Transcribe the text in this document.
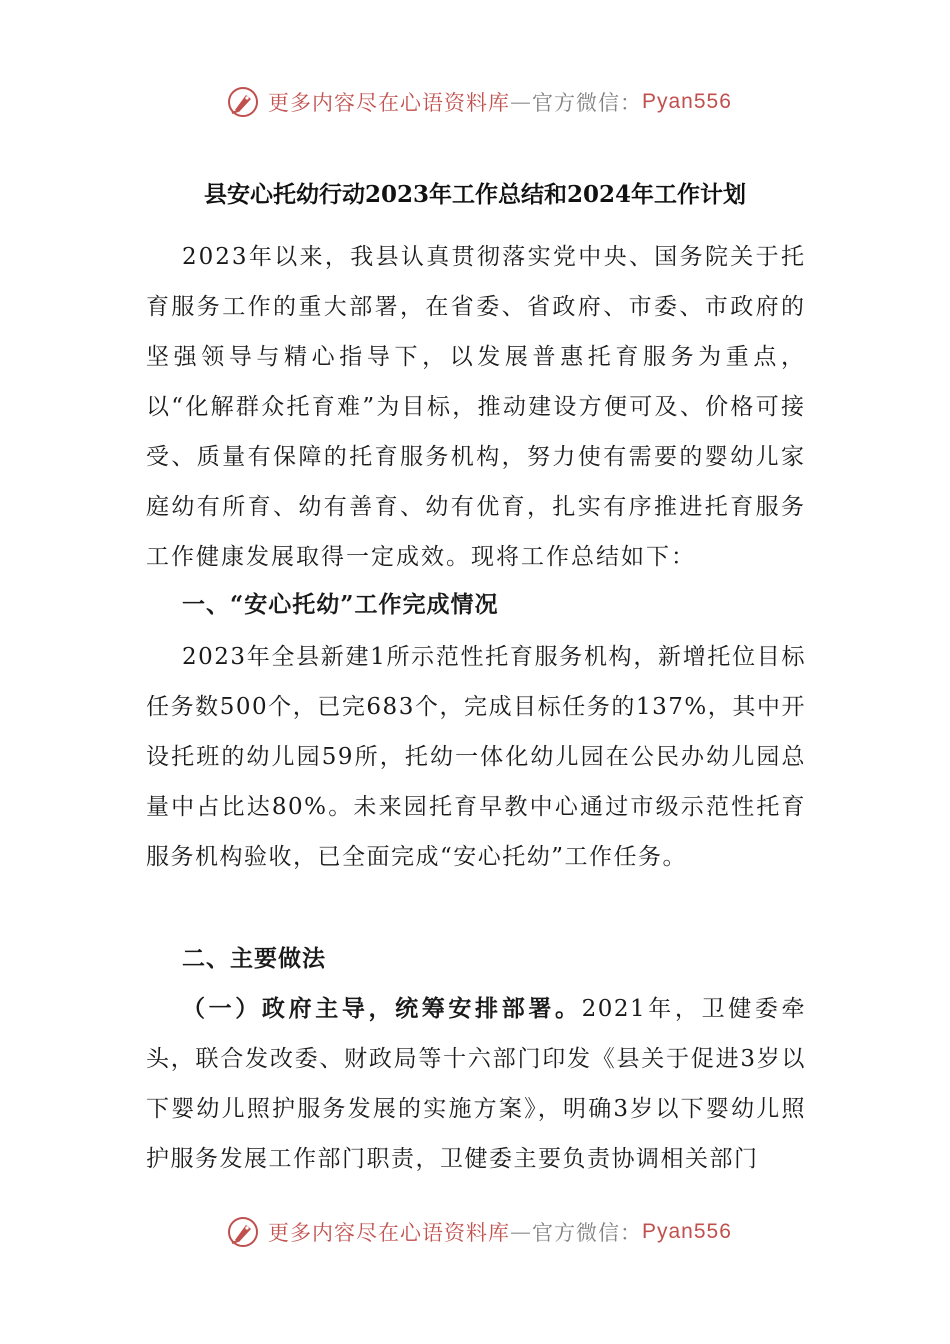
更多内容尽在心语资料库 — 官方微信： Pyan556
县安心托幼行动2023年工作总结和2024年工作计划
2023年以来，我县认真贯彻落实党中央、国务院关于托育服务工作的重大部署，在省委、省政府、市委、市政府的坚强领导与精心指导下，以发展普惠托育服务为重点，以“化解群众托育难”为目标，推动建设方便可及、价格可接受、质量有保障的托育服务机构，努力使有需要的婴幼儿家庭幼有所育、幼有善育、幼有优育，扎实有序推进托育服务工作健康发展取得一定成效。现将工作总结如下：
一、“安心托幼”工作完成情况
2023年全县新建1所示范性托育服务机构，新增托位目标任务数500个，已完683个，完成目标任务的137%，其中开设托班的幼儿园59所，托幼一体化幼儿园在公民办幼儿园总量中占比达80%。未来园托育早教中心通过市级示范性托育服务机构验收，已全面完成“安心托幼”工作任务。
二、主要做法
（一）政府主导，统筹安排部署。2021年，卫健委牵头，联合发改委、财政局等十六部门印发《县关于促进3岁以下婴幼儿照护服务发展的实施方案》，明确3岁以下婴幼儿照护服务发展工作部门职责，卫健委主要负责协调相关部门
更多内容尽在心语资料库 — 官方微信： Pyan556
